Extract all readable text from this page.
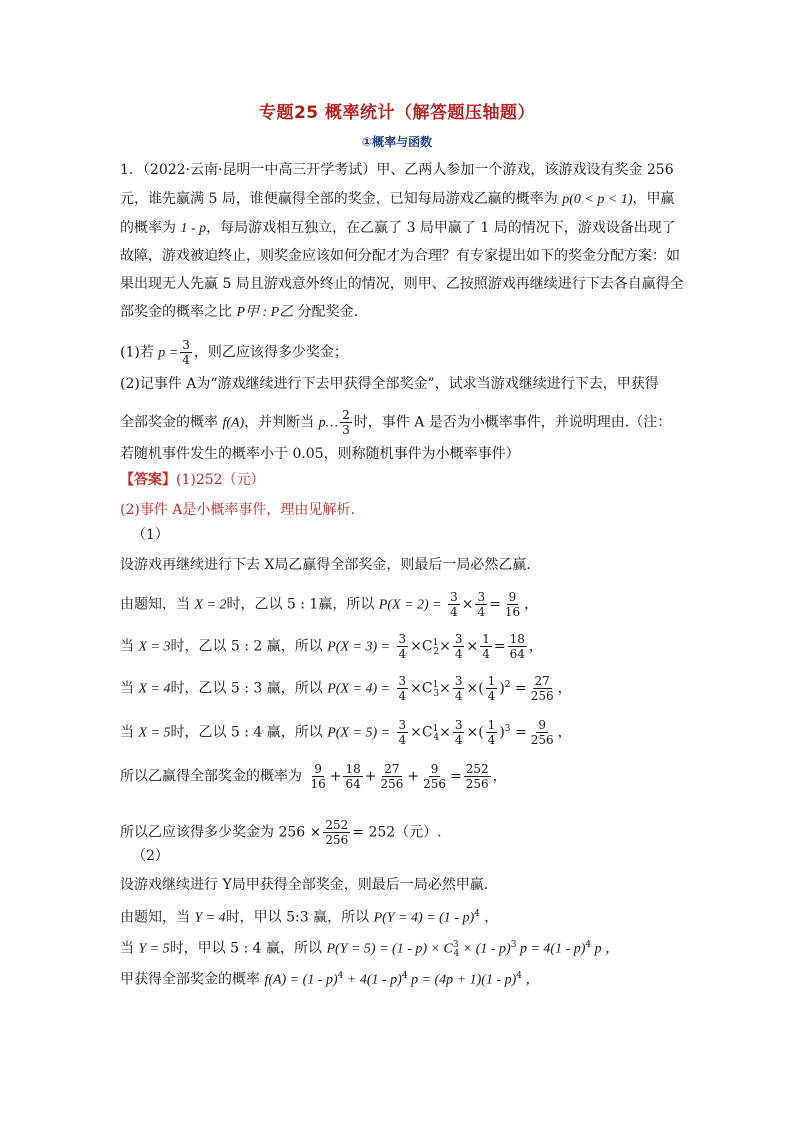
专题25 概率统计（解答题压轴题）
①概率与函数
1．（2022·云南·昆明一中高三开学考试）甲、乙两人参加一个游戏，该游戏设有奖金 256
元，谁先赢满 5 局，谁便赢得全部的奖金，已知每局游戏乙赢的概率为 p(0 < p < 1)，甲赢
的概率为 1 - p，每局游戏相互独立，在乙赢了 3 局甲赢了 1 局的情况下，游戏设备出现了
故障，游戏被迫终止，则奖金应该如何分配才为合理？有专家提出如下的奖金分配方案：如
果出现无人先赢 5 局且游戏意外终止的情况，则甲、乙按照游戏再继续进行下去各自赢得全
部奖金的概率之比 P甲 : P乙 分配奖金.
(1)若 $p = \frac{3}{4}$ ，则乙应该得多少奖金；
(2)记事件 A为“游戏继续进行下去甲获得全部奖金”，试求当游戏继续进行下去，甲获得
全部奖金的概率 f(A)，并判断当 p… $\frac{2}{3}$ 时，事件 A 是否为小概率事件，并说明理由.（注：
若随机事件发生的概率小于 0.05，则称随机事件为小概率事件）
【答案】(1)252（元）
(2)事件 A是小概率事件，理由见解析.
（1）
设游戏再继续进行下去 X局乙赢得全部奖金，则最后一局必然乙赢.
由题知，当 X = 2时，乙以 5 : 1赢，所以 $P(X = 2) = \frac{3}{4} \times \frac{3}{4} = \frac{9}{16}$ ，
当 X = 3时，乙以 5 : 2 赢，所以 $P(X = 3) = \frac{3}{4} \times C^1_2\times \frac{3}{4} \times \frac{1}{4} = \frac{18}{64}$ ，
当 X = 4时，乙以 5 : 3 赢，所以 $P(X = 4) = \frac{3}{4} \times C^1_3\times \frac{3}{4}$ ×( $\frac{1}{4} )^2 = \frac{27}{256}$ ，
当 X = 5时，乙以 5 : 4 赢，所以 $P(X = 5) = \frac{3}{4} \times C^1_4\times \frac{3}{4}$ ×( $\frac{1}{4} )^3 = \frac{9}{256}$ ，
所以乙赢得全部奖金的概率为 $\frac{9}{16} + \frac{18}{64} + \frac{27}{256} + \frac{9}{256} = \frac{252}{256}$ ，
所以乙应该得多少奖金为 $256 \times \frac{252}{256} = 252$（元）.
（2）
设游戏继续进行 Y局甲获得全部奖金，则最后一局必然甲赢.
由题知，当 Y = 4时，甲以 5:3 赢，所以 P(Y = 4) = (1 - p)$^4$ ，
当 Y = 5时，甲以 5 : 4 赢，所以 $P(Y = 5) = (1 - p) \times C^3_4 \times (1 - p)^3$ p = 4(1 - p)$^4$ p ，
甲获得全部奖金的概率 f(A) = (1 - p)$^4$ + 4(1 - p)$^4$ p = (4p + 1)(1 - p)$^4$ ，
